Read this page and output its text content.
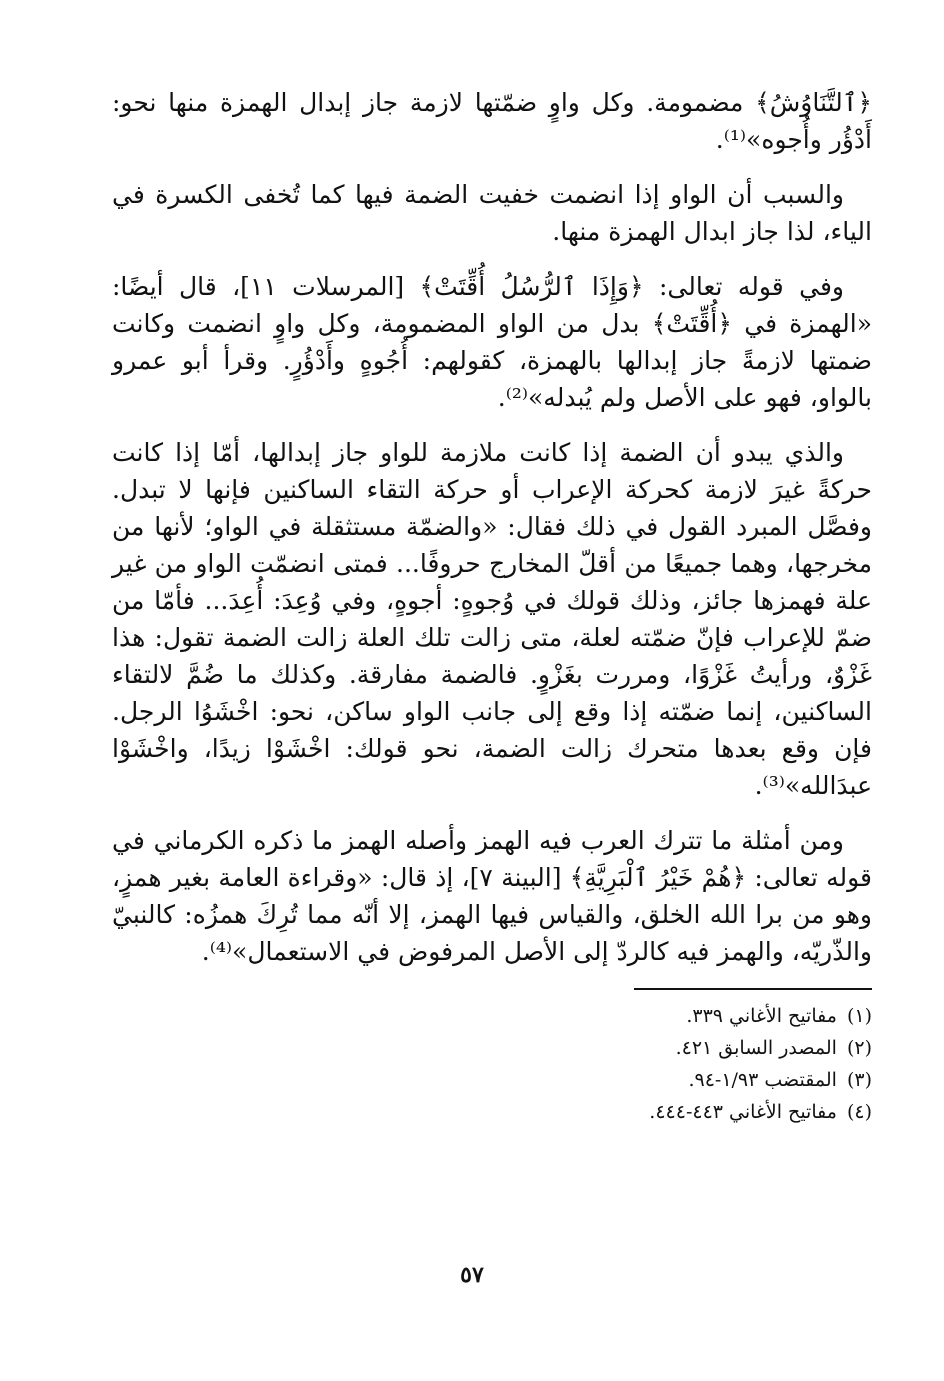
﴿ٱلتَّنَاوُشُ﴾ مضمومة. وكل واوٍ ضمّتها لازمة جاز إبدال الهمزة منها نحو: أَدْؤُر وأُجوه»⁽¹⁾.

والسبب أن الواو إذا انضمت خفيت الضمة فيها كما تُخفى الكسرة في الياء، لذا جاز ابدال الهمزة منها.

وفي قوله تعالى: ﴿وَإِذَا ٱلرُّسُلُ أُقِّتَتْ﴾ [المرسلات ١١]، قال أيضًا: «الهمزة في ﴿أُقِّتَتْ﴾ بدل من الواو المضمومة، وكل واوٍ انضمت وكانت ضمتها لازمةً جاز إبدالها بالهمزة، كقولهم: أُجُوهٍ وأَدْؤُرٍ. وقرأ أبو عمرو بالواو، فهو على الأصل ولم يُبدله»⁽²⁾.

والذي يبدو أن الضمة إذا كانت ملازمة للواو جاز إبدالها، أمّا إذا كانت حركةً غيرَ لازمة كحركة الإعراب أو حركة التقاء الساكنين فإنها لا تبدل. وفصَّل المبرد القول في ذلك فقال: «والضمّة مستثقلة في الواو؛ لأنها من مخرجها، وهما جميعًا من أقلّ المخارج حروفًا... فمتى انضمّت الواو من غير علة فهمزها جائز، وذلك قولك في وُجوهٍ: أجوهٍ، وفي وُعِدَ: أُعِدَ... فأمّا من ضمّ للإعراب فإنّ ضمّته لعلة، متى زالت تلك العلة زالت الضمة تقول: هذا غَزْوٌ، ورأيتُ غَزْوًا، ومررت بغَزْوٍ. فالضمة مفارقة. وكذلك ما ضُمَّ لالتقاء الساكنين، إنما ضمّته إذا وقع إلى جانب الواو ساكن، نحو: اخْشَوُا الرجل. فإن وقع بعدها متحرك زالت الضمة، نحو قولك: اخْشَوْا زيدًا، واخْشَوْا عبدَالله»⁽³⁾.

ومن أمثلة ما تترك العرب فيه الهمز وأصله الهمز ما ذكره الكرماني في قوله تعالى: ﴿هُمْ خَيْرُ ٱلْبَرِيَّةِ﴾ [البينة ٧]، إذ قال: «وقراءة العامة بغير همزٍ، وهو من برا الله الخلق، والقياس فيها الهمز، إلا أنّه مما تُرِكَ همزُه: كالنبيّ والذّريّه، والهمز فيه كالردّ إلى الأصل المرفوض في الاستعمال»⁽⁴⁾.

(١)مفاتيح الأغاني ٣٣٩.
(٢)المصدر السابق ٤٢١.
(٣)المقتضب ١/٩٣-٩٤.
(٤)مفاتيح الأغاني ٤٤٣-٤٤٤.
٥٧
